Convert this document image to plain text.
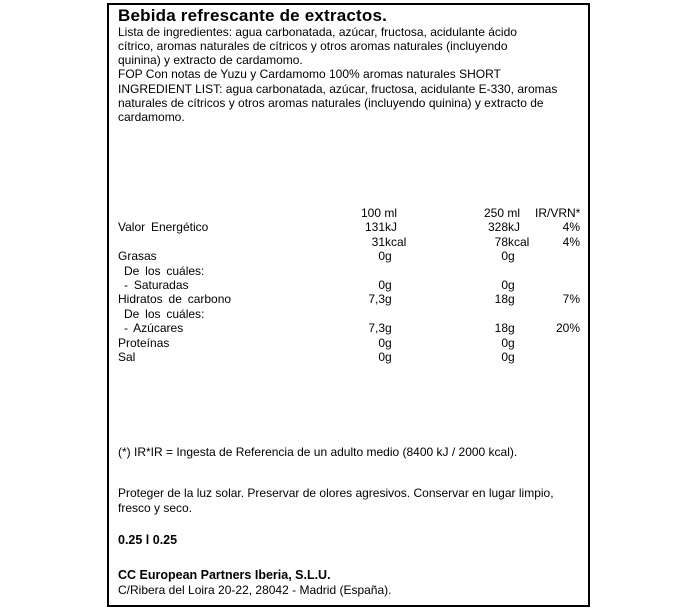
Bebida refrescante de extractos.
Lista de ingredientes: agua carbonatada, azúcar, fructosa, acidulante ácido
cítrico, aromas naturales de cítricos y otros aromas naturales (incluyendo
quinina) y extracto de cardamomo.
FOP Con notas de Yuzu y Cardamomo 100% aromas naturales SHORT
INGREDIENT LIST: agua carbonatada, azúcar, fructosa, acidulante E-330, aromas
naturales de cítricos y otros aromas naturales (incluyendo quinina) y extracto de
cardamomo.
100 ml	250 ml	IR/VRN*
Valor Energético	131 kJ	328 kJ	4%
31 kcal	78 kcal	4%
Grasas	0 g	0 g
De los cuáles:
- Saturadas	0 g	0 g
Hidratos de carbono	7,3 g	18 g	7%
De los cuáles:
- Azúcares	7,3 g	18 g	20%
Proteínas	0 g	0 g
Sal	0 g	0 g
(*) IR*IR = Ingesta de Referencia de un adulto medio (8400 kJ / 2000 kcal).
Proteger de la luz solar. Preservar de olores agresivos. Conservar en lugar limpio,
fresco y seco.
0.25 l 0.25
CC European Partners Iberia, S.L.U.
C/Ribera del Loira 20-22, 28042 - Madrid (España).
